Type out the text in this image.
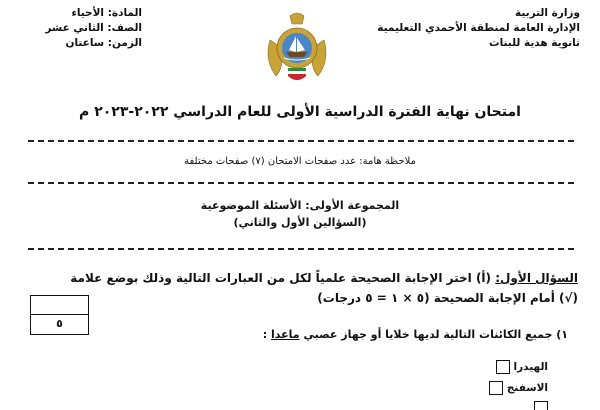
وزارة التربية
الإدارة العامة لمنطقة الأحمدي التعليمية
ثانوية هدية للبنات
المادة: الأحياء
الصف: الثاني عشر
الزمن: ساعتان
امتحان نهاية الفترة الدراسية الأولى للعام الدراسي ٢٠٢٢-٢٠٢٣ م
ملاحظة هامة: عدد صفحات الامتحان (٧) صفحات مختلفة
المجموعة الأولى: الأسئلة الموضوعية
(السؤالين الأول والثاني)
السؤال الأول: (أ) اختر الإجابة الصحيحة علمياً لكل من العبارات التالية وذلك بوضع علامة
(√) أمام الإجابة الصحيحة (٥ × ١ = ٥ درجات)
٥
١) جميع الكائنات التالية لديها خلايا أو جهاز عصبي ماعدا :
الهيدرا
الاسفنج
